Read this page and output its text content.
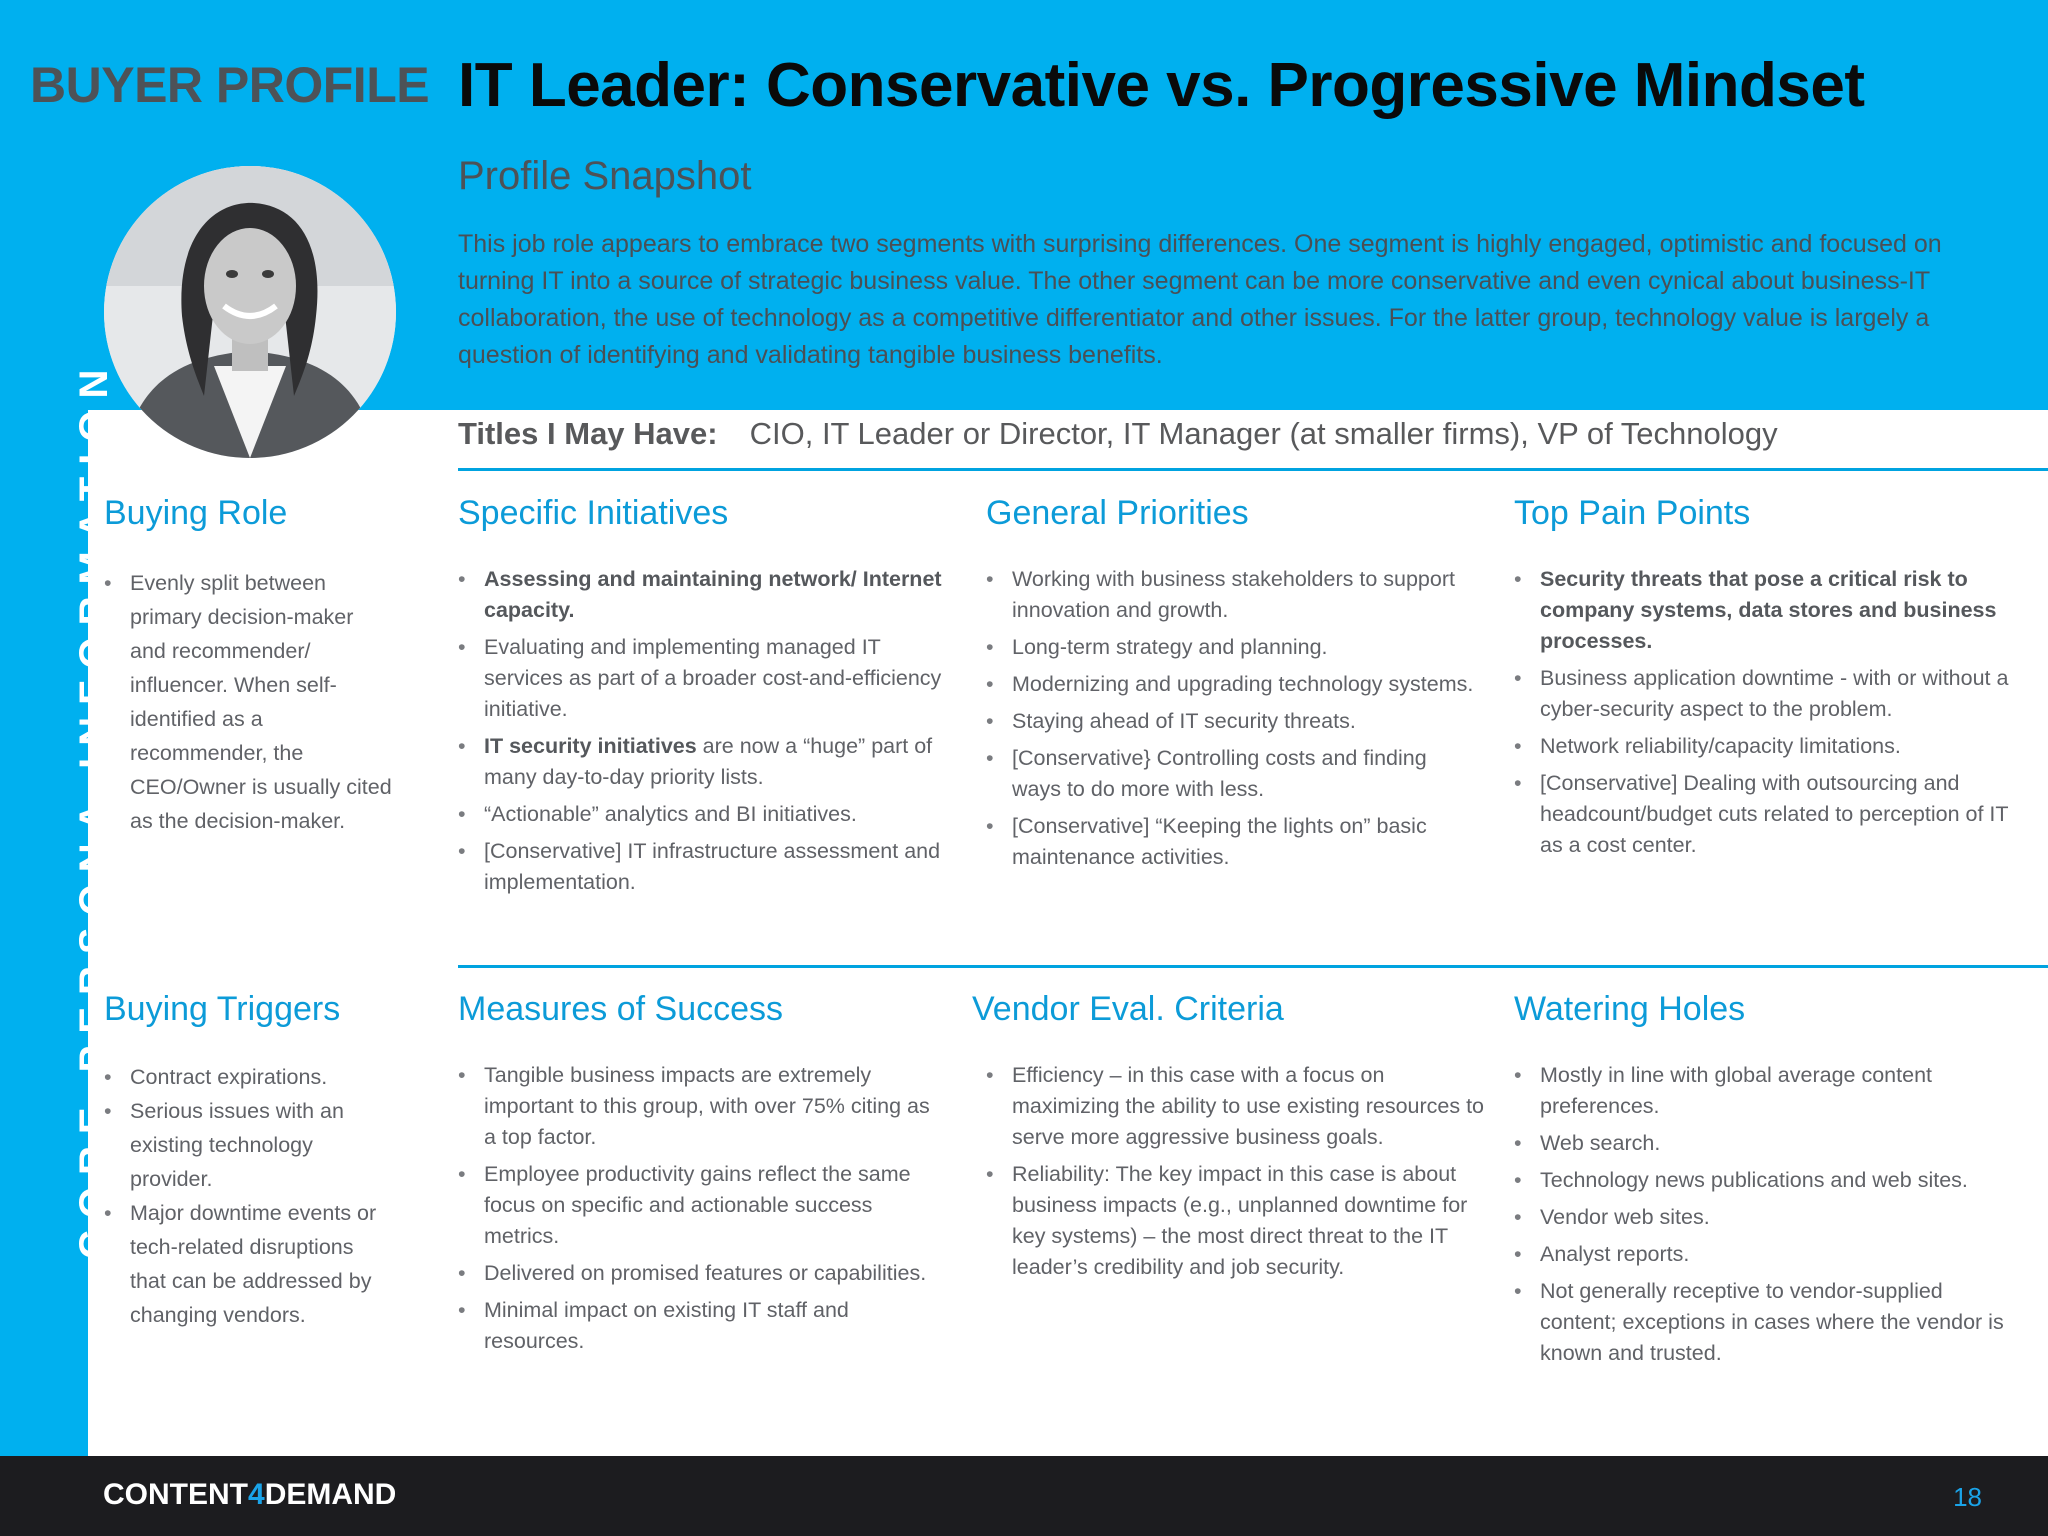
BUYER PROFILE IT Leader: Conservative vs. Progressive Mindset
Profile Snapshot
This job role appears to embrace two segments with surprising differences. One segment is highly engaged, optimistic and focused on turning IT into a source of strategic business value. The other segment can be more conservative and even cynical about business-IT collaboration, the use of technology as a competitive differentiator and other issues. For the latter group, technology value is largely a question of identifying and validating tangible business benefits.
CORE PERSONA INFORMATION	Titles I May Have: CIO, IT Leader or Director, IT Manager (at smaller firms), VP of Technology
Buying Role
• Evenly split between primary decision-maker and recommender/ influencer. When self-identified as a recommender, the CEO/Owner is usually cited as the decision-maker.
Specific Initiatives
• Assessing and maintaining network/ Internet capacity.
• Evaluating and implementing managed IT services as part of a broader cost-and-efficiency initiative.
• IT security initiatives are now a “huge” part of many day-to-day priority lists.
• “Actionable” analytics and BI initiatives.
• [Conservative] IT infrastructure assessment and implementation.
General Priorities
• Working with business stakeholders to support innovation and growth.
• Long-term strategy and planning.
• Modernizing and upgrading technology systems.
• Staying ahead of IT security threats.
• [Conservative} Controlling costs and finding ways to do more with less.
• [Conservative] “Keeping the lights on” basic maintenance activities.
Top Pain Points
• Security threats that pose a critical risk to company systems, data stores and business processes.
• Business application downtime - with or without a cyber-security aspect to the problem.
• Network reliability/capacity limitations.
• [Conservative] Dealing with outsourcing and headcount/budget cuts related to perception of IT as a cost center.
Buying Triggers
• Contract expirations.
• Serious issues with an existing technology provider.
• Major downtime events or tech-related disruptions that can be addressed by changing vendors.
Measures of Success
• Tangible business impacts are extremely important to this group, with over 75% citing as a top factor.
• Employee productivity gains reflect the same focus on specific and actionable success metrics.
• Delivered on promised features or capabilities.
• Minimal impact on existing IT staff and resources.
Vendor Eval. Criteria
• Efficiency – in this case with a focus on maximizing the ability to use existing resources to serve more aggressive business goals.
• Reliability: The key impact in this case is about business impacts (e.g., unplanned downtime for key systems) – the most direct threat to the IT leader’s credibility and job security.
Watering Holes
• Mostly in line with global average content preferences.
• Web search.
• Technology news publications and web sites.
• Vendor web sites.
• Analyst reports.
• Not generally receptive to vendor-supplied content; exceptions in cases where the vendor is known and trusted.
CONTENT4DEMAND	18
